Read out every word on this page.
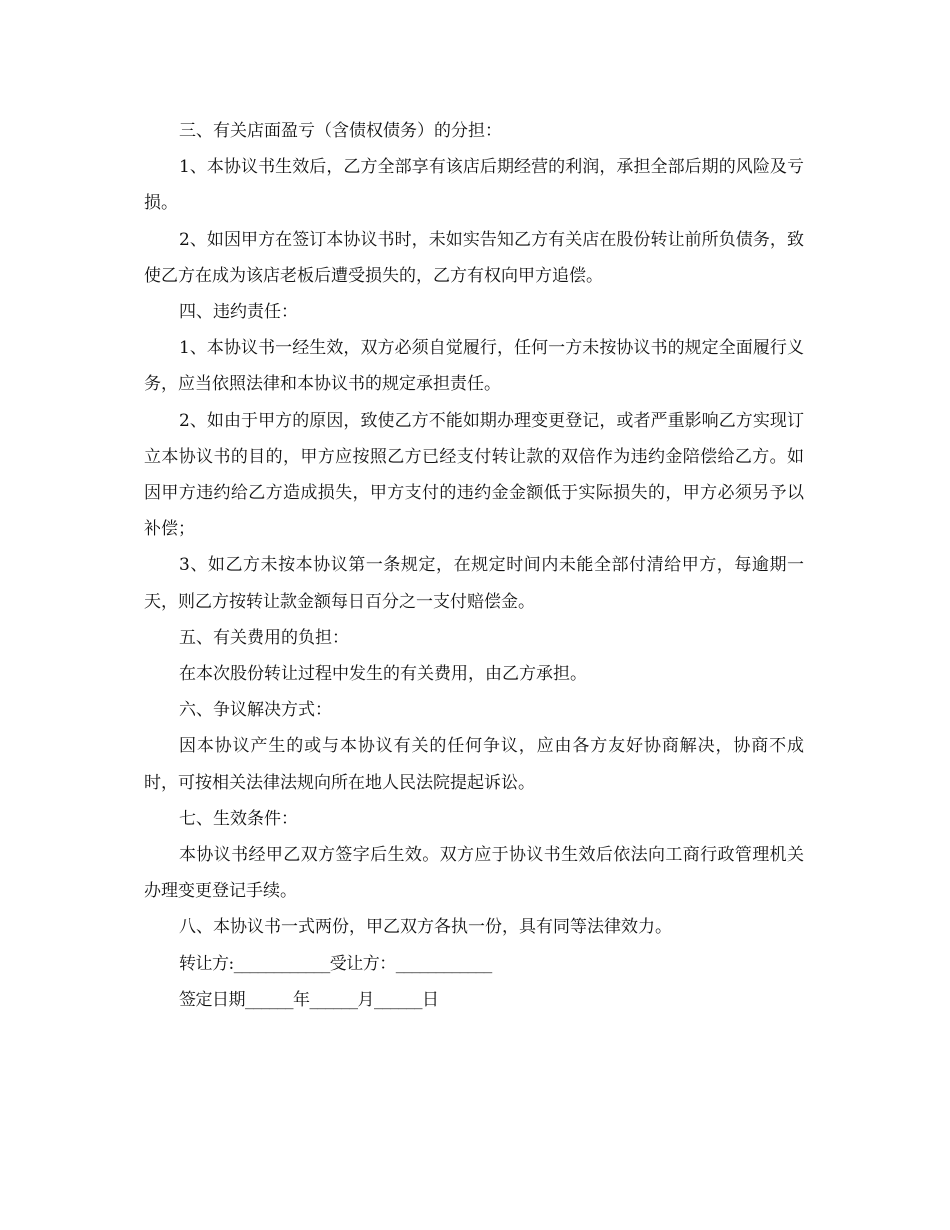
三、有关店面盈亏（含债权债务）的分担：

1、本协议书生效后，乙方全部享有该店后期经营的利润，承担全部后期的风险及亏损。

2、如因甲方在签订本协议书时，未如实告知乙方有关店在股份转让前所负债务，致使乙方在成为该店老板后遭受损失的，乙方有权向甲方追偿。

四、违约责任：

1、本协议书一经生效，双方必须自觉履行，任何一方未按协议书的规定全面履行义务，应当依照法律和本协议书的规定承担责任。

2、如由于甲方的原因，致使乙方不能如期办理变更登记，或者严重影响乙方实现订立本协议书的目的，甲方应按照乙方已经支付转让款的双倍作为违约金陪偿给乙方。如因甲方违约给乙方造成损失，甲方支付的违约金金额低于实际损失的，甲方必须另予以补偿；

3、如乙方未按本协议第一条规定，在规定时间内未能全部付清给甲方，每逾期一天，则乙方按转让款金额每日百分之一支付赔偿金。

五、有关费用的负担：

在本次股份转让过程中发生的有关费用，由乙方承担。

六、争议解决方式：

因本协议产生的或与本协议有关的任何争议，应由各方友好协商解决，协商不成时，可按相关法律法规向所在地人民法院提起诉讼。

七、生效条件：

本协议书经甲乙双方签字后生效。双方应于协议书生效后依法向工商行政管理机关办理变更登记手续。

八、本协议书一式两份，甲乙双方各执一份，具有同等法律效力。

转让方:____________受让方：____________

签定日期______年______月______日
